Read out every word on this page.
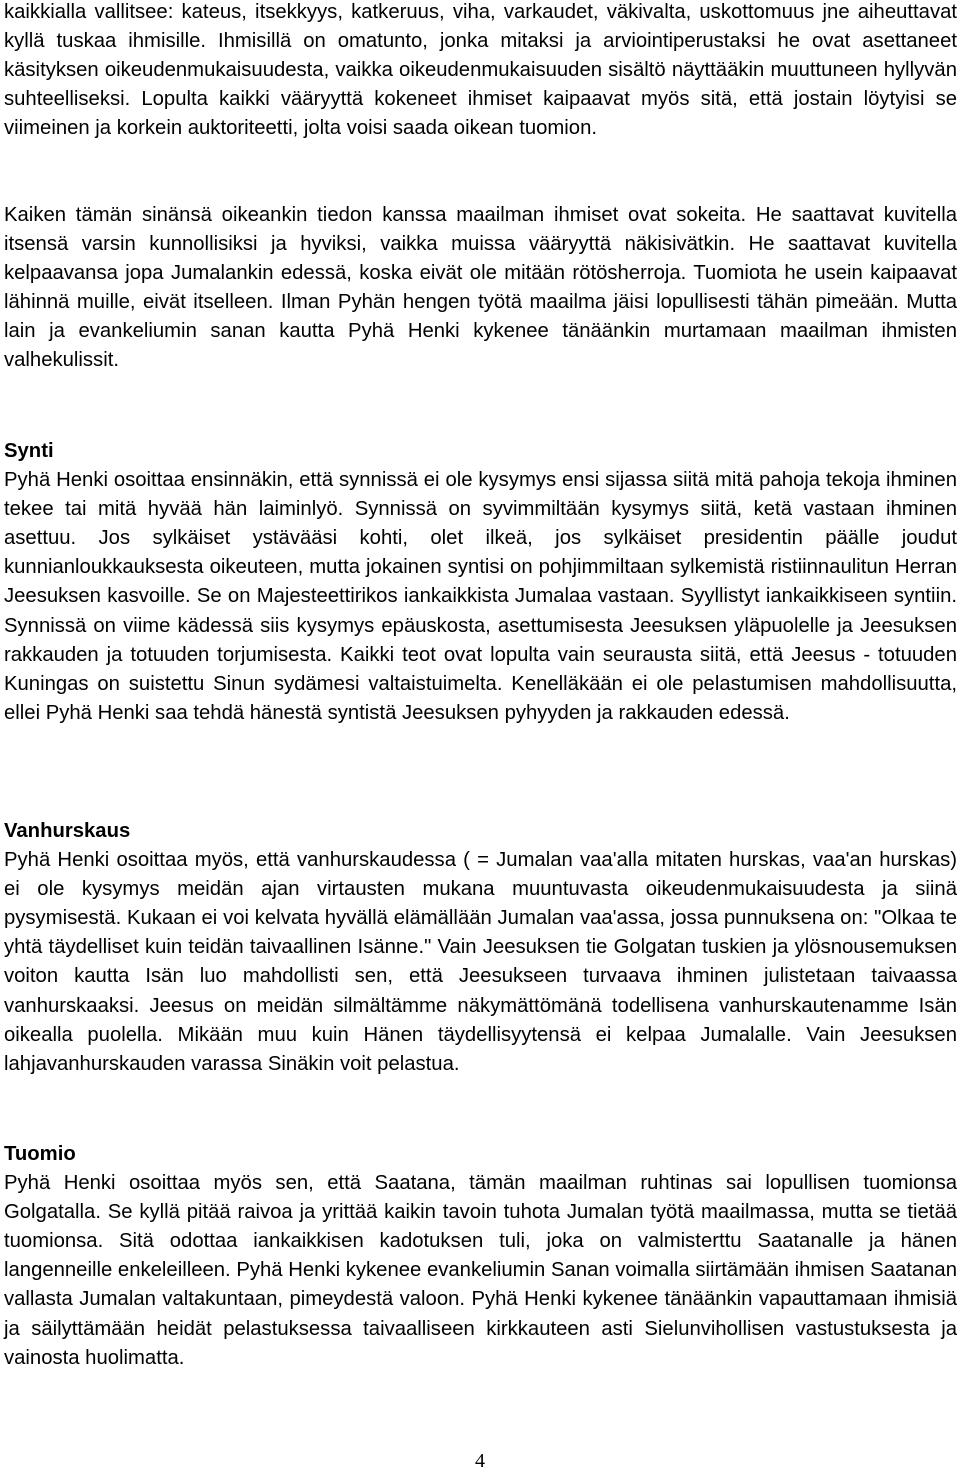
kaikkialla vallitsee: kateus, itsekkyys, katkeruus, viha, varkaudet, väkivalta, uskottomuus jne aiheuttavat kyllä tuskaa ihmisille. Ihmisillä on omatunto, jonka mitaksi ja arviointiperustaksi he ovat asettaneet käsityksen oikeudenmukaisuudesta, vaikka oikeudenmukaisuuden sisältö näyttääkin muuttuneen hyllyvän suhteelliseksi. Lopulta kaikki vääryyttä kokeneet ihmiset kaipaavat myös sitä, että jostain löytyisi se viimeinen ja korkein auktoriteetti, jolta voisi saada oikean tuomion.

Kaiken tämän sinänsä oikeankin tiedon kanssa maailman ihmiset ovat sokeita. He saattavat kuvitella itsensä varsin kunnollisiksi ja hyviksi, vaikka muissa vääryyttä näkisivätkin. He saattavat kuvitella kelpaavansa jopa Jumalankin edessä, koska eivät ole mitään rötösherroja. Tuomiota he usein kaipaavat lähinnä muille, eivät itselleen. Ilman Pyhän hengen työtä maailma jäisi lopullisesti tähän pimeään. Mutta lain ja evankeliumin sanan kautta Pyhä Henki kykenee tänäänkin murtamaan maailman ihmisten valhekulissit.

Synti

Pyhä Henki osoittaa ensinnäkin, että synnissä ei ole kysymys ensi sijassa siitä mitä pahoja tekoja ihminen tekee tai mitä hyvää hän laiminlyö. Synnissä on syvimmiltään kysymys siitä, ketä vastaan ihminen asettuu. Jos sylkäiset ystävääsi kohti, olet ilkeä, jos sylkäiset presidentin päälle joudut kunnianloukkauksesta oikeuteen, mutta jokainen syntisi on pohjimmiltaan sylkemistä ristiinnaulitun Herran Jeesuksen kasvoille. Se on Majesteettirikos iankaikkista Jumalaa vastaan. Syyllistyt iankaikkiseen syntiin. Synnissä on viime kädessä siis kysymys epäuskosta, asettumisesta Jeesuksen yläpuolelle ja Jeesuksen rakkauden ja totuuden torjumisesta. Kaikki teot ovat lopulta vain seurausta siitä, että Jeesus - totuuden Kuningas on suistettu Sinun sydämesi valtaistuimelta. Kenelläkään ei ole pelastumisen mahdollisuutta, ellei Pyhä Henki saa tehdä hänestä syntistä Jeesuksen pyhyyden ja rakkauden edessä.

Vanhurskaus

Pyhä Henki osoittaa myös, että vanhurskaudessa ( = Jumalan vaa'alla mitaten hurskas, vaa'an hurskas) ei ole kysymys meidän ajan virtausten mukana muuntuvasta oikeudenmukaisuudesta ja siinä pysymisestä. Kukaan ei voi kelvata hyvällä elämällään Jumalan vaa'assa, jossa punnuksena on: "Olkaa te yhtä täydelliset kuin teidän taivaallinen Isänne." Vain Jeesuksen tie Golgatan tuskien ja ylösnousemuksen voiton kautta Isän luo mahdollisti sen, että Jeesukseen turvaava ihminen julistetaan taivaassa vanhurskaaksi. Jeesus on meidän silmältämme näkymättömänä todellisena vanhurskautenamme Isän oikealla puolella. Mikään muu kuin Hänen täydellisyytensä ei kelpaa Jumalalle. Vain Jeesuksen lahjavanhurskauden varassa Sinäkin voit pelastua.

Tuomio

Pyhä Henki osoittaa myös sen, että Saatana, tämän maailman ruhtinas sai lopullisen tuomionsa Golgatalla. Se kyllä pitää raivoa ja yrittää kaikin tavoin tuhota Jumalan työtä maailmassa, mutta se tietää tuomionsa. Sitä odottaa iankaikkisen kadotuksen tuli, joka on valmisterttu Saatanalle ja hänen langenneille enkeleilleen. Pyhä Henki kykenee evankeliumin Sanan voimalla siirtämään ihmisen Saatanan vallasta Jumalan valtakuntaan, pimeydestä valoon. Pyhä Henki kykenee tänäänkin vapauttamaan ihmisiä ja säilyttämään heidät pelastuksessa taivaalliseen kirkkauteen asti Sielunvihollisen vastustuksesta ja vainosta huolimatta.

4
